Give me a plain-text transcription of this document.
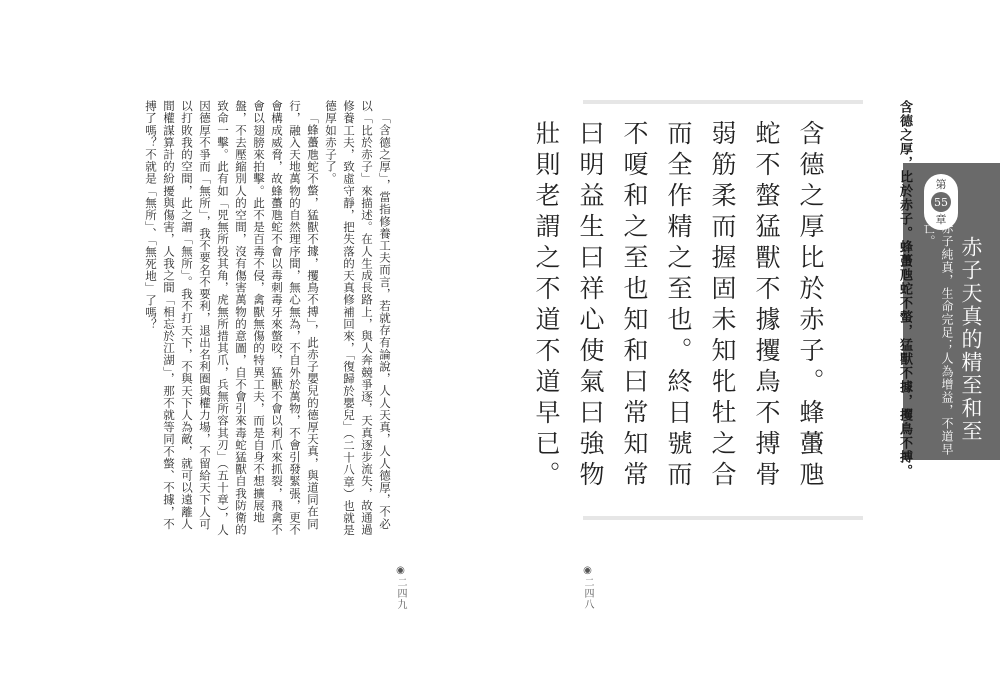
含德之厚比於赤子。蜂蠆虺蛇不螫猛獸不據攫鳥不搏骨弱筋柔而握固未知牝牡之合而全作精之至也。終日號而不嗄和之至也知和曰常知常曰明益生曰祥心使氣曰強物壯則老謂之不道不道早已。	第
55
章
赤子天真的精至和至
赤子純真，生命完足；人為增益，不道早亡。
◉二四八
含德之厚，比於赤子。蜂蠆虺蛇不螫，猛獸不據，攫鳥不搏。

「含德之厚」，當指修養工夫而言，若就存有論說，人人天真，人人德厚，不必以「比於赤子」來描述。在人生成長路上，與人奔競爭逐，天真逐步流失，故通過修養工夫，致虛守靜，把失落的天真修補回來，「復歸於嬰兒」（二十八章）也就是德厚如赤子了。

「蜂蠆虺蛇不螫，猛獸不據，攫鳥不搏」，此赤子嬰兒的德厚天真，與道同在同行，融入天地萬物的自然理序間，無心無為，不自外於萬物，不會引發緊張，更不會構成威脅，故蜂蠆虺蛇不會以毒刺毒牙來螫咬，猛獸不會以利爪來抓裂，飛禽不會以翅膀來拍擊。此不是百毒不侵，禽獸無傷的特異工夫，而是自身不想擴展地盤，不去壓縮別人的空間，沒有傷害萬物的意圖，自不會引來毒蛇猛獸自我防衛的致命一擊。此有如「兕無所投其角，虎無所措其爪，兵無所容其刃」（五十章），人因德厚不爭而「無所」，我不要名不要利，退出名利圈與權力場，不留給天下人可以打敗我的空間，此之謂「無所」。我不打天下，不與天下人為敵，就可以遠離人間權謀算計的紛擾與傷害，人我之間「相忘於江湖」，那不就等同不螫、不據，不搏了嗎？不就是「無所」、「無死地」了嗎？

◉二四九
